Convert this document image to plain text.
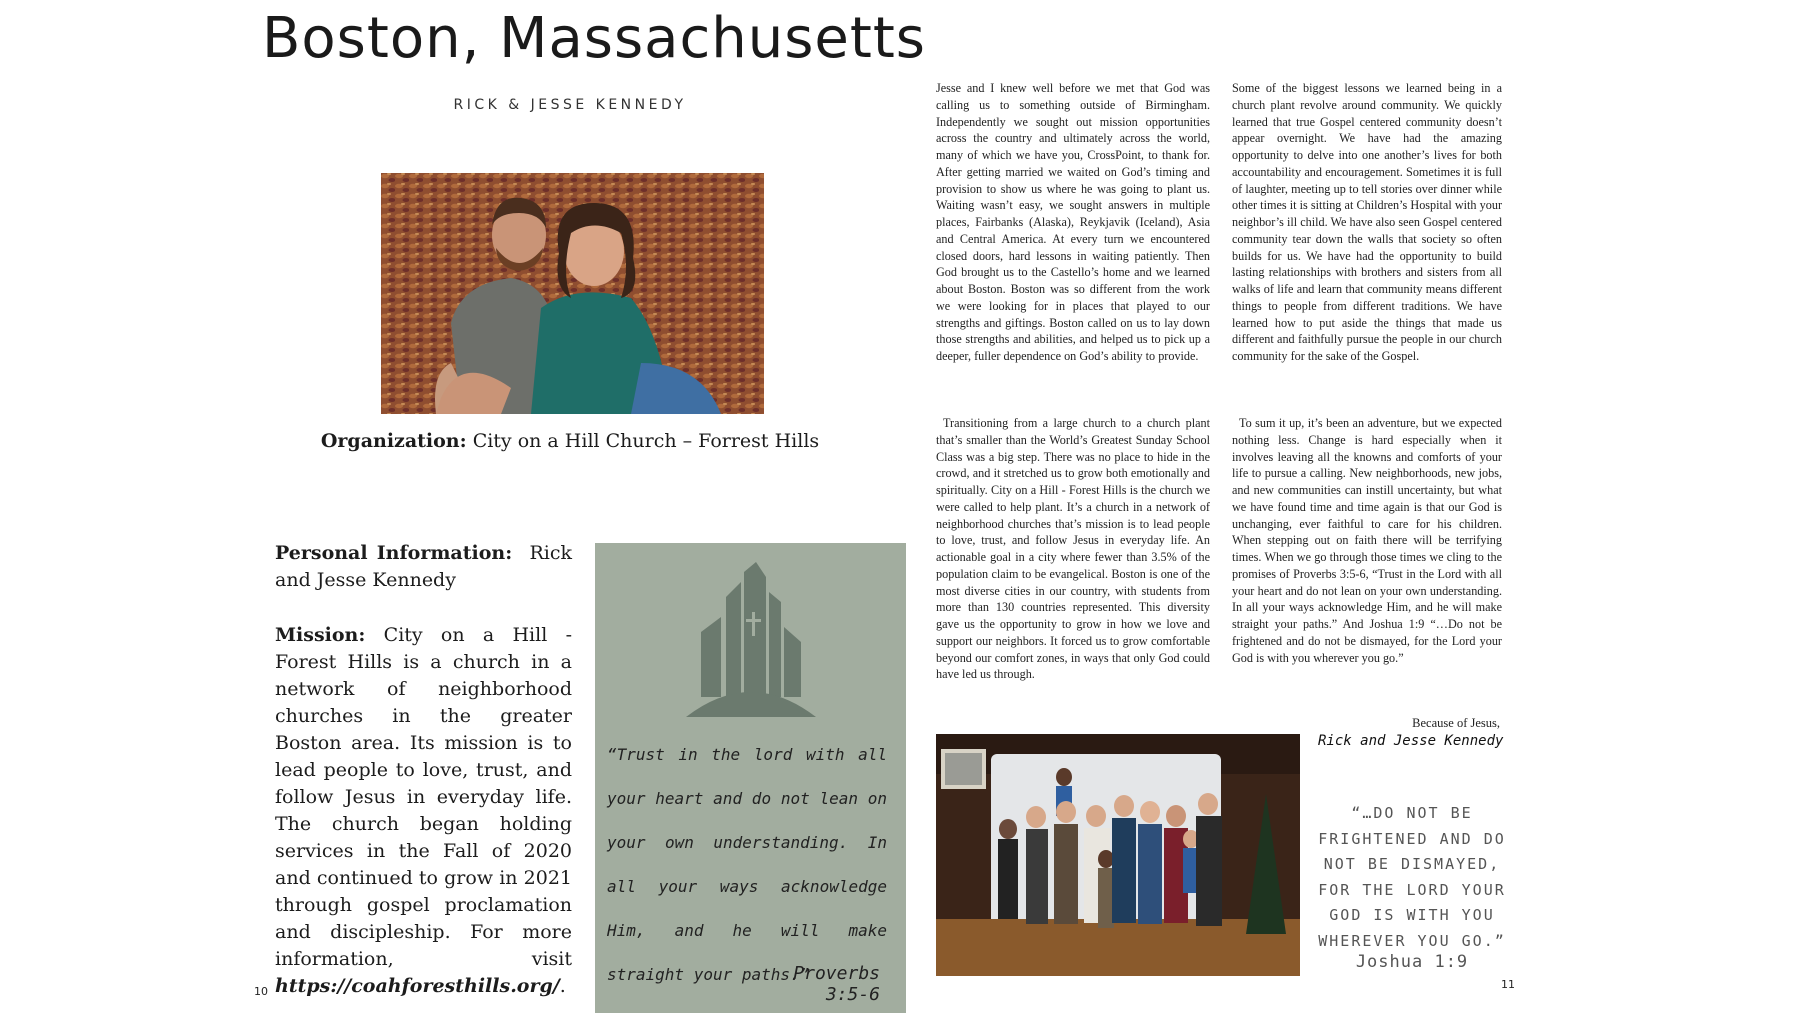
Boston, Massachusetts
RICK & JESSE KENNEDY
Organization: City on a Hill Church – Forrest Hills
Personal Information: Rick and Jesse Kennedy
Mission: City on a Hill - Forest Hills is a church in a network of neighborhood churches in the greater Boston area. Its mission is to lead people to love, trust, and follow Jesus in everyday life. The church began holding services in the Fall of 2020 and continued to grow in 2021 through gospel proclamation and discipleship. For more information, visit https://coahforesthills.org/.
“Trust in the lord with all your heart and do not lean on your own understanding. In all your ways acknowledge Him, and he will make straight your paths.”
Proverbs 3:5-6
Jesse and I knew well before we met that God was calling us to something outside of Birmingham. Independently we sought out mission opportunities across the country and ultimately across the world, many of which we have you, CrossPoint, to thank for. After getting married we waited on God’s timing and provision to show us where he was going to plant us. Waiting wasn’t easy, we sought answers in multiple places, Fairbanks (Alaska), Reykjavik (Iceland), Asia and Central America. At every turn we encountered closed doors, hard lessons in waiting patiently. Then God brought us to the Castello’s home and we learned about Boston. Boston was so different from the work we were looking for in places that played to our strengths and giftings. Boston called on us to lay down those strengths and abilities, and helped us to pick up a deeper, fuller dependence on God’s ability to provide.
Some of the biggest lessons we learned being in a church plant revolve around community. We quickly learned that true Gospel centered community doesn’t appear overnight. We have had the amazing opportunity to delve into one another’s lives for both accountability and encouragement. Sometimes it is full of laughter, meeting up to tell stories over dinner while other times it is sitting at Children’s Hospital with your neighbor’s ill child. We have also seen Gospel centered community tear down the walls that society so often builds for us. We have had the opportunity to build lasting relationships with brothers and sisters from all walks of life and learn that community means different things to people from different traditions. We have learned how to put aside the things that made us different and faithfully pursue the people in our church community for the sake of the Gospel.
Transitioning from a large church to a church plant that’s smaller than the World’s Greatest Sunday School Class was a big step. There was no place to hide in the crowd, and it stretched us to grow both emotionally and spiritually. City on a Hill - Forest Hills is the church we were called to help plant. It’s a church in a network of neighborhood churches that’s mission is to lead people to love, trust, and follow Jesus in everyday life. An actionable goal in a city where fewer than 3.5% of the population claim to be evangelical. Boston is one of the most diverse cities in our country, with students from more than 130 countries represented. This diversity gave us the opportunity to grow in how we love and support our neighbors. It forced us to grow comfortable beyond our comfort zones, in ways that only God could have led us through.
To sum it up, it’s been an adventure, but we expected nothing less. Change is hard especially when it involves leaving all the knowns and comforts of your life to pursue a calling. New neighborhoods, new jobs, and new communities can instill uncertainty, but what we have found time and time again is that our God is unchanging, ever faithful to care for his children. When stepping out on faith there will be terrifying times. When we go through those times we cling to the promises of Proverbs 3:5-6, “Trust in the Lord with all your heart and do not lean on your own understanding. In all your ways acknowledge Him, and he will make straight your paths.” And Joshua 1:9 “…Do not be frightened and do not be dismayed, for the Lord your God is with you wherever you go.”
Because of Jesus,
Rick and Jesse Kennedy
“…DO NOT BE FRIGHTENED AND DO NOT BE DISMAYED, FOR THE LORD YOUR GOD IS WITH YOU WHEREVER YOU GO.”
Joshua 1:9
10
11
